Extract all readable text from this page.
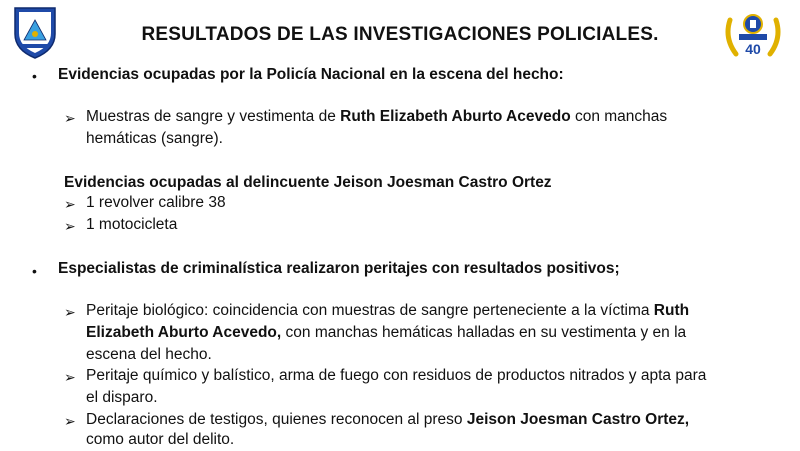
40
RESULTADOS DE LAS INVESTIGACIONES POLICIALES.
• Evidencias ocupadas por la Policía Nacional en la escena del hecho:
➢ Muestras de sangre y vestimenta de Ruth Elizabeth Aburto Acevedo con manchas
hemáticas (sangre).
Evidencias ocupadas al delincuente Jeison Joesman Castro Ortez
➢ 1 revolver calibre 38
➢ 1 motocicleta
• Especialistas de criminalística realizaron peritajes con resultados positivos;
➢ Peritaje biológico: coincidencia con muestras de sangre perteneciente a la víctima Ruth
Elizabeth Aburto Acevedo, con manchas hemáticas halladas en su vestimenta y en la
escena del hecho.
➢ Peritaje químico y balístico, arma de fuego con residuos de productos nitrados y apta para
el disparo.
➢ Declaraciones de testigos, quienes reconocen al preso Jeison Joesman Castro Ortez,
como autor del delito.
